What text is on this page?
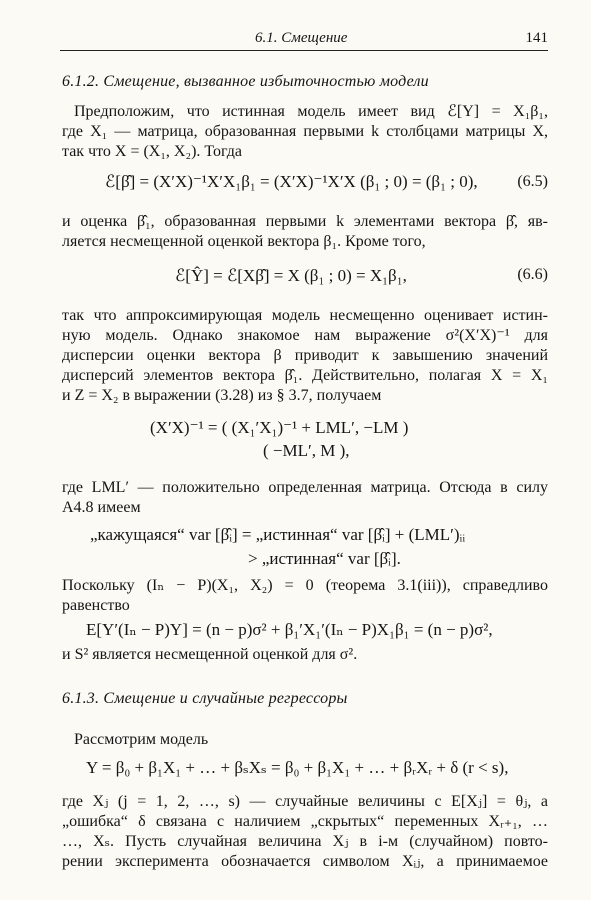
6.1. Смещение	141
6.1.2. Смещение, вызванное избыточностью модели
Предположим, что истинная модель имеет вид ℰ[Y] = X₁β₁,
где X₁ — матрица, образованная первыми k столбцами матрицы X,
так что X = (X₁, X₂). Тогда
ℰ[β̂] = (X′X)⁻¹X′X₁β₁ = (X′X)⁻¹X′X (β₁ ; 0) = (β₁ ; 0), (6.5)
и оценка β̂₁, образованная первыми k элементами вектора β̂, яв-
ляется несмещенной оценкой вектора β₁. Кроме того,
ℰ[Ŷ] = ℰ[Xβ̂] = X (β₁ ; 0) = X₁β₁,	(6.6)
так что аппроксимирующая модель несмещенно оценивает истин-
ную модель. Однако знакомое нам выражение σ²(X′X)⁻¹ для
дисперсии оценки вектора β приводит к завышению значений
дисперсий элементов вектора β̂₁. Действительно, полагая X = X₁
и Z = X₂ в выражении (3.28) из § 3.7, получаем
(X′X)⁻¹ = ( (X₁′X₁)⁻¹ + LML′, −LM )
( −ML′, M ),
где LML′ — положительно определенная матрица. Отсюда в силу
A4.8 имеем
„кажущаяся“ var [β̂ᵢ] = „истинная“ var [β̂ᵢ] + (LML′)ᵢᵢ
> „истинная“ var [β̂ᵢ].
Поскольку (Iₙ − P)(X₁, X₂) = 0 (теорема 3.1(iii)), справедливо
равенство
E[Y′(Iₙ − P)Y] = (n − p)σ² + β₁′X₁′(Iₙ − P)X₁β₁ = (n − p)σ²,
и S² является несмещенной оценкой для σ².
6.1.3. Смещение и случайные регрессоры
Рассмотрим модель
Y = β₀ + β₁X₁ + … + βₛXₛ = β₀ + β₁X₁ + … + βᵣXᵣ + δ (r < s),
где Xⱼ (j = 1, 2, …, s) — случайные величины с E[Xⱼ] = θⱼ, а
„ошибка“ δ связана с наличием „скрытых“ переменных Xᵣ₊₁, …
…, Xₛ. Пусть случайная величина Xⱼ в i-м (случайном) повто-
рении эксперимента обозначается символом Xᵢⱼ, а принимаемое
